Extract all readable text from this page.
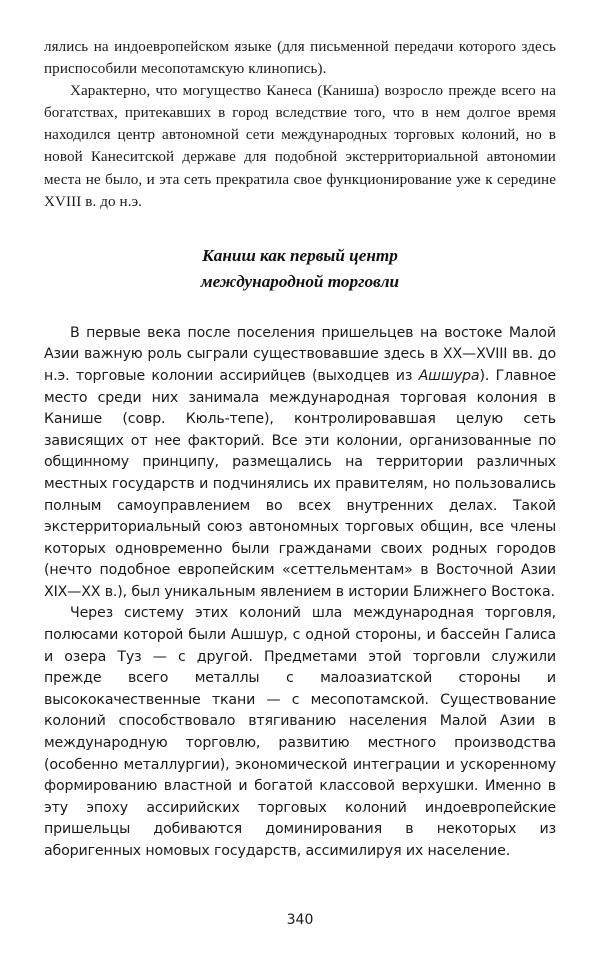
лялись на индоевропейском языке (для письменной передачи которого здесь приспособили месопотамскую клинопись).

Характерно, что могущество Канеса (Каниша) возросло прежде всего на богатствах, притекавших в город вследствие того, что в нем долгое время находился центр автономной сети международных торговых колоний, но в новой Канеситской державе для подобной экстерриториальной автономии места не было, и эта сеть прекратила свое функционирование уже к середине XVIII в. до н.э.

Каниш как первый центр
международной торговли

В первые века после поселения пришельцев на востоке Малой Азии важную роль сыграли существовавшие здесь в XX—XVIII вв. до н.э. торговые колонии ассирийцев (выходцев из Ашшура). Главное место среди них занимала международная торговая колония в Канише (совр. Кюль-тепе), контролировавшая целую сеть зависящих от нее факторий. Все эти колонии, организованные по общинному принципу, размещались на территории различных местных государств и подчинялись их правителям, но пользовались полным самоуправлением во всех внутренних делах. Такой экстерриториальный союз автономных торговых общин, все члены которых одновременно были гражданами своих родных городов (нечто подобное европейским «сеттельментам» в Восточной Азии XIX—XX в.), был уникальным явлением в истории Ближнего Востока.

Через систему этих колоний шла международная торговля, полюсами которой были Ашшур, с одной стороны, и бассейн Галиса и озера Туз — с другой. Предметами этой торговли служили прежде всего металлы с малоазиатской стороны и высококачественные ткани — с месопотамской. Существование колоний способствовало втягиванию населения Малой Азии в международную торговлю, развитию местного производства (особенно металлургии), экономической интеграции и ускоренному формированию властной и богатой классовой верхушки. Именно в эту эпоху ассирийских торговых колоний индоевропейские пришельцы добиваются доминирования в некоторых из аборигенных номовых государств, ассимилируя их население.

340
